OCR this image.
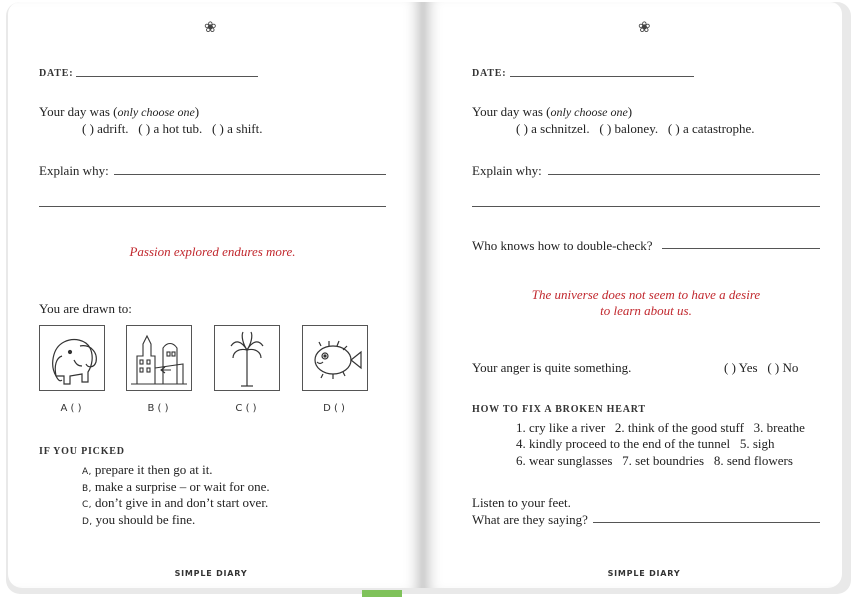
❀
DATE:
Your day was (only choose one)
( ) adrift.   ( ) a hot tub.   ( ) a shift.
Explain why:
Passion explored endures more.
You are drawn to:
A ( )	B ( )	C ( )	D ( )
IF YOU PICKED
A, prepare it then go at it.
B, make a surprise – or wait for one.
C, don’t give in and don’t start over.
D, you should be fine.
SIMPLE DIARY
❀
DATE:
Your day was (only choose one)
( ) a schnitzel.   ( ) baloney.   ( ) a catastrophe.
Explain why:
Who knows how to double-check?
The universe does not seem to have a desire
to learn about us.
Your anger is quite something.	( ) Yes   ( ) No
HOW TO FIX A BROKEN HEART
1. cry like a river   2. think of the good stuff   3. breathe
4. kindly proceed to the end of the tunnel   5. sigh
6. wear sunglasses   7. set boundries   8. send flowers
Listen to your feet.
What are they saying?
SIMPLE DIARY
